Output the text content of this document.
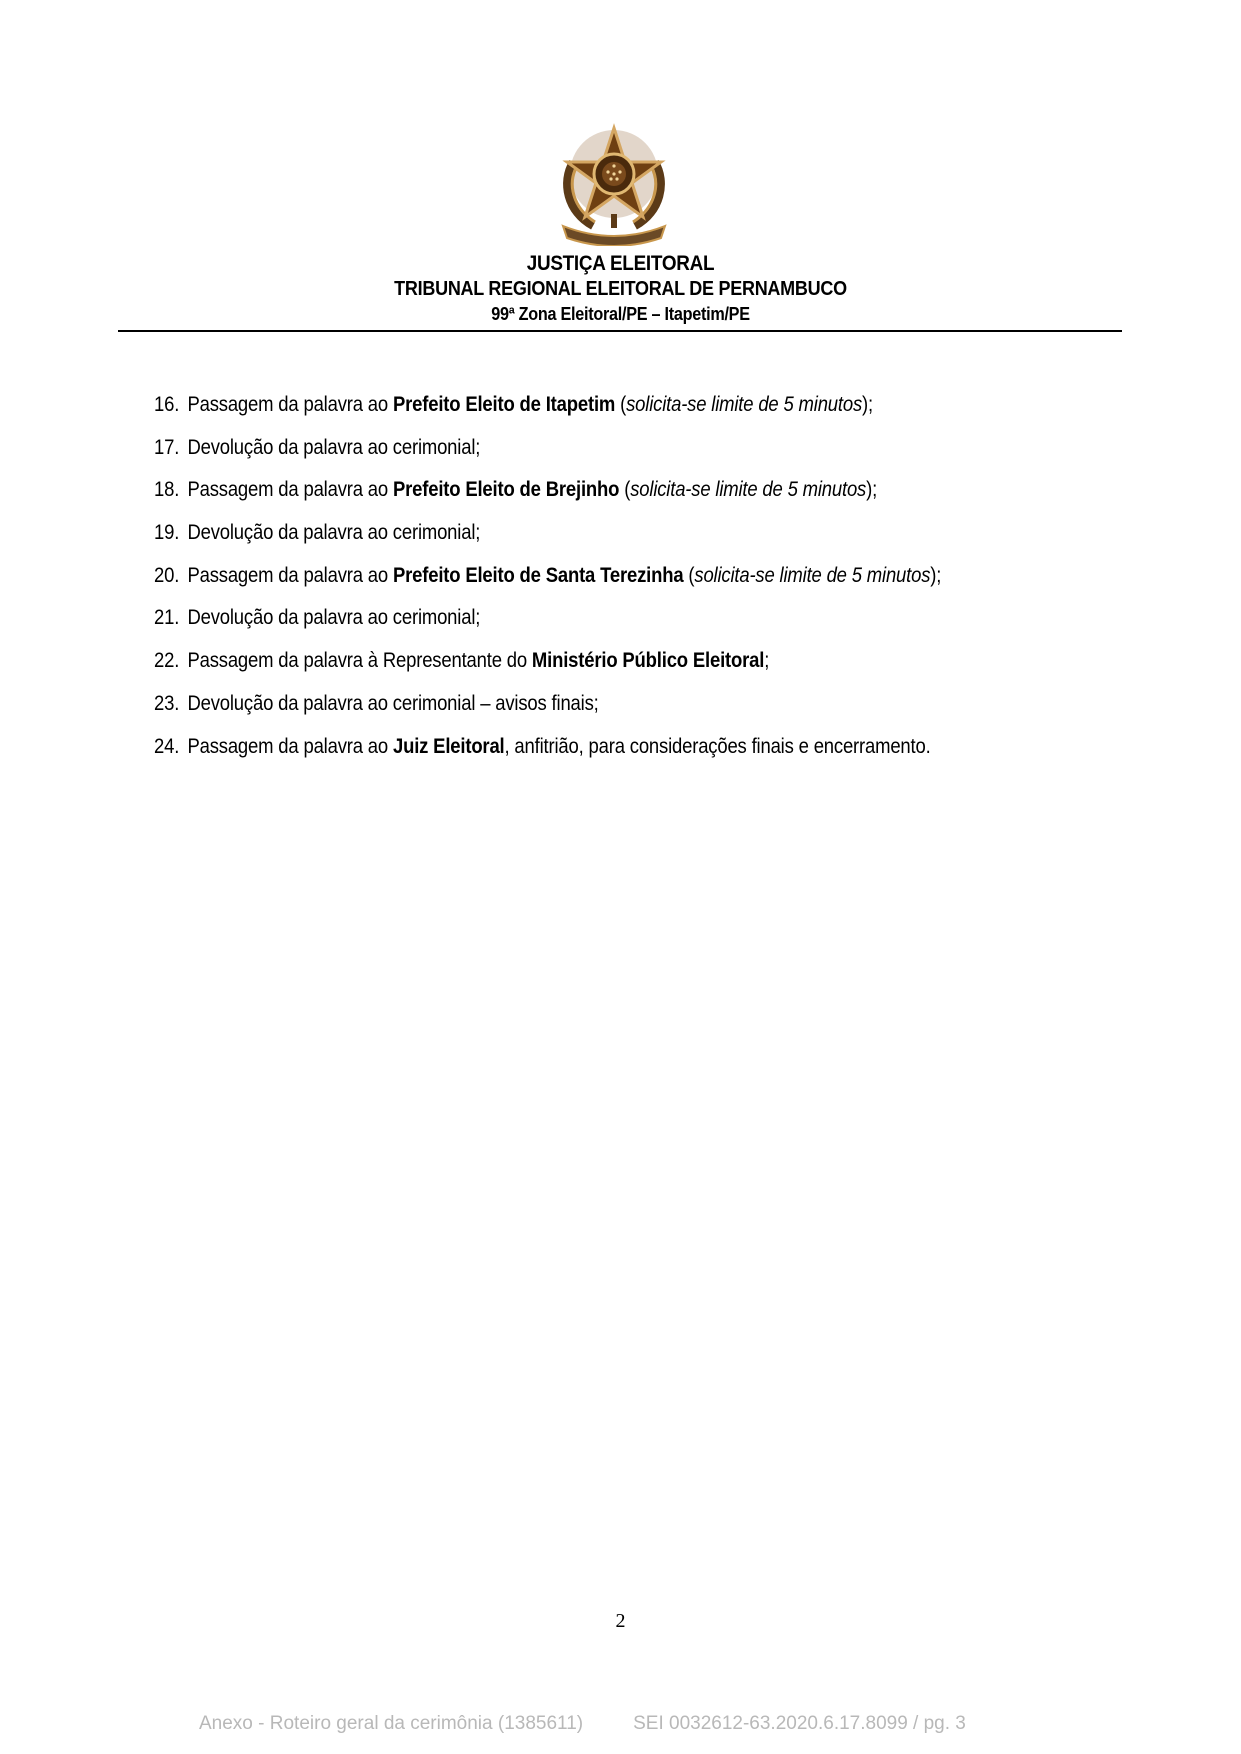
JUSTIÇA ELEITORAL
TRIBUNAL REGIONAL ELEITORAL DE PERNAMBUCO
99ª Zona Eleitoral/PE – Itapetim/PE
16. Passagem da palavra ao Prefeito Eleito de Itapetim (solicita-se limite de 5 minutos);
17. Devolução da palavra ao cerimonial;
18. Passagem da palavra ao Prefeito Eleito de Brejinho (solicita-se limite de 5 minutos);
19. Devolução da palavra ao cerimonial;
20. Passagem da palavra ao Prefeito Eleito de Santa Terezinha (solicita-se limite de 5 minutos);
21. Devolução da palavra ao cerimonial;
22. Passagem da palavra à Representante do Ministério Público Eleitoral;
23. Devolução da palavra ao cerimonial – avisos finais;
24. Passagem da palavra ao Juiz Eleitoral, anfitrião, para considerações finais e encerramento.
2
Anexo - Roteiro geral da cerimônia (1385611)	SEI 0032612-63.2020.6.17.8099 / pg. 3
